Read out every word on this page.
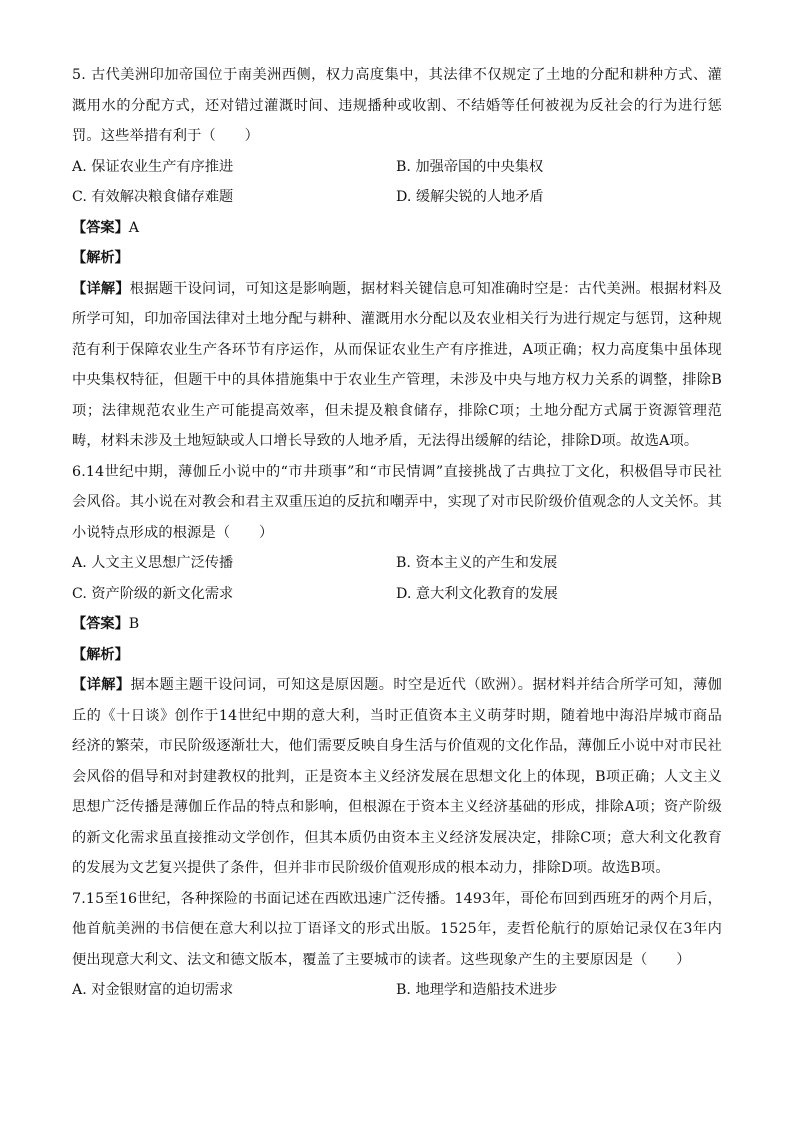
5. 古代美洲印加帝国位于南美洲西侧，权力高度集中，其法律不仅规定了土地的分配和耕种方式、灌溉用水的分配方式，还对错过灌溉时间、违规播种或收割、不结婚等任何被视为反社会的行为进行惩罚。这些举措有利于（　　）

A. 保证农业生产有序推进	B. 加强帝国的中央集权
C. 有效解决粮食储存难题	D. 缓解尖锐的人地矛盾

【答案】A

【解析】

【详解】根据题干设问词，可知这是影响题，据材料关键信息可知准确时空是：古代美洲。根据材料及所学可知，印加帝国法律对土地分配与耕种、灌溉用水分配以及农业相关行为进行规定与惩罚，这种规范有利于保障农业生产各环节有序运作，从而保证农业生产有序推进，A项正确；权力高度集中虽体现中央集权特征，但题干中的具体措施集中于农业生产管理，未涉及中央与地方权力关系的调整，排除B项；法律规范农业生产可能提高效率，但未提及粮食储存，排除C项；土地分配方式属于资源管理范畴，材料未涉及土地短缺或人口增长导致的人地矛盾，无法得出缓解的结论，排除D项。故选A项。

6.14世纪中期，薄伽丘小说中的“市井琐事”和“市民情调”直接挑战了古典拉丁文化，积极倡导市民社会风俗。其小说在对教会和君主双重压迫的反抗和嘲弄中，实现了对市民阶级价值观念的人文关怀。其小说特点形成的根源是（　　）

A. 人文主义思想广泛传播	B. 资本主义的产生和发展
C. 资产阶级的新文化需求	D. 意大利文化教育的发展

【答案】B

【解析】

【详解】据本题主题干设问词，可知这是原因题。时空是近代（欧洲）。据材料并结合所学可知，薄伽丘的《十日谈》创作于14世纪中期的意大利，当时正值资本主义萌芽时期，随着地中海沿岸城市商品经济的繁荣，市民阶级逐渐壮大，他们需要反映自身生活与价值观的文化作品，薄伽丘小说中对市民社会风俗的倡导和对封建教权的批判，正是资本主义经济发展在思想文化上的体现，B项正确；人文主义思想广泛传播是薄伽丘作品的特点和影响，但根源在于资本主义经济基础的形成，排除A项；资产阶级的新文化需求虽直接推动文学创作，但其本质仍由资本主义经济发展决定，排除C项；意大利文化教育的发展为文艺复兴提供了条件，但并非市民阶级价值观形成的根本动力，排除D项。故选B项。

7.15至16世纪，各种探险的书面记述在西欧迅速广泛传播。1493年，哥伦布回到西班牙的两个月后，他首航美洲的书信便在意大利以拉丁语译文的形式出版。1525年，麦哲伦航行的原始记录仅在3年内便出现意大利文、法文和德文版本，覆盖了主要城市的读者。这些现象产生的主要原因是（　　）

A. 对金银财富的迫切需求	B. 地理学和造船技术进步
